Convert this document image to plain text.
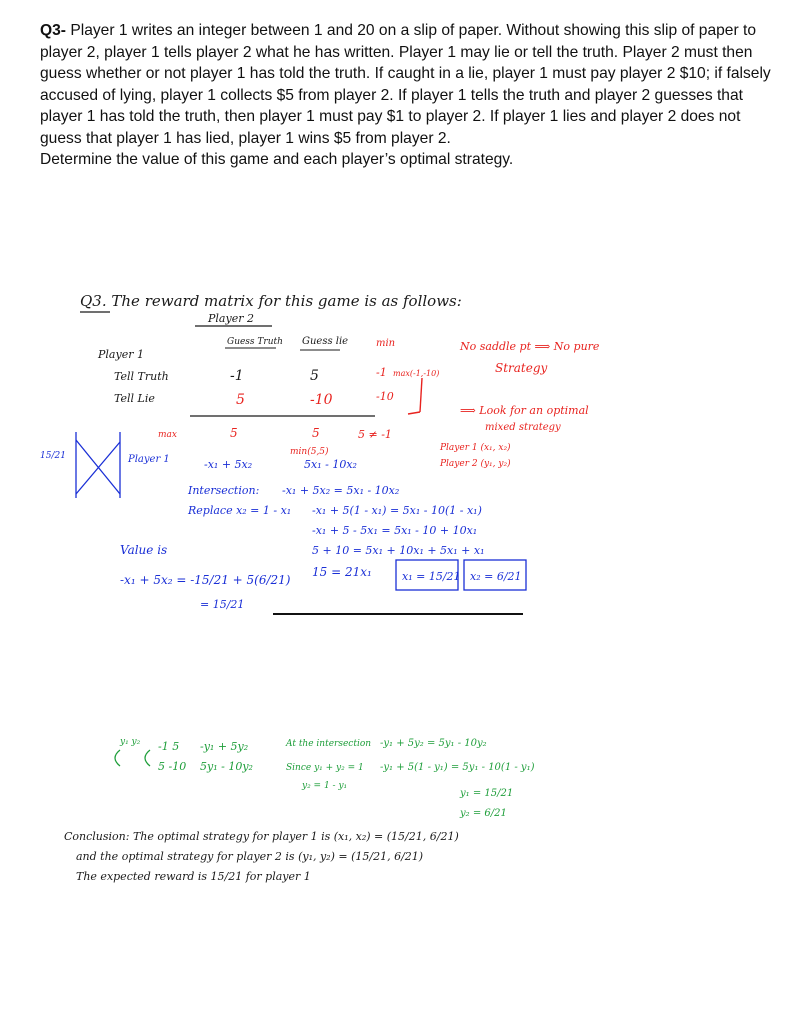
Q3- Player 1 writes an integer between 1 and 20 on a slip of paper. Without showing this slip of paper to player 2, player 1 tells player 2 what he has written. Player 1 may lie or tell the truth. Player 2 must then guess whether or not player 1 has told the truth. If caught in a lie, player 1 must pay player 2 $10; if falsely accused of lying, player 1 collects $5 from player 2. If player 1 tells the truth and player 2 guesses that player 1 has told the truth, then player 1 must pay $1 to player 2. If player 1 lies and player 2 does not guess that player 1 has lied, player 1 wins $5 from player 2.

Determine the value of this game and each player’s optimal strategy.

Q3. The reward matrix for this game is as follows:
Player 2
Guess Truth Guess lie
Player 1
Tell Truth
Tell Lie
-1	5
5	-10
min
-1 max(-1,-10)
-10
5 ≠ -1
No saddle pt ⟹ No pure
Strategy
⟹ Look for an optimal
mixed strategy
Player 1 (x₁, x₂)
Player 2 (y₁, y₂)
max	5	5
min(5,5)
15/21	Player 1	-x₁ + 5x₂	5x₁ - 10x₂
Intersection: -x₁ + 5x₂ = 5x₁ - 10x₂
Replace x₂ = 1 - x₁ -x₁ + 5(1 - x₁) = 5x₁ - 10(1 - x₁)
-x₁ + 5 - 5x₁ = 5x₁ - 10 + 10x₁
5 + 10 = 5x₁ + 10x₁ + 5x₁ + x₁
15 = 21x₁	x₁ = 15/21 x₂ = 6/21
Value is
-x₁ + 5x₂ = -15/21 + 5(6/21)
= 15/21
y₁ y₂ -1 5
5 -10
-y₁ + 5y₂
5y₁ - 10y₂
At the intersection -y₁ + 5y₂ = 5y₁ - 10y₂
Since y₁ + y₂ = 1 -y₁ + 5(1 - y₁) = 5y₁ - 10(1 - y₁)
y₂ = 1 - y₁
y₁ = 15/21
y₂ = 6/21
Conclusion: The optimal strategy for player 1 is (x₁, x₂) = (15/21, 6/21)
and the optimal strategy for player 2 is (y₁, y₂) = (15/21, 6/21)
The expected reward is 15/21 for player 1
